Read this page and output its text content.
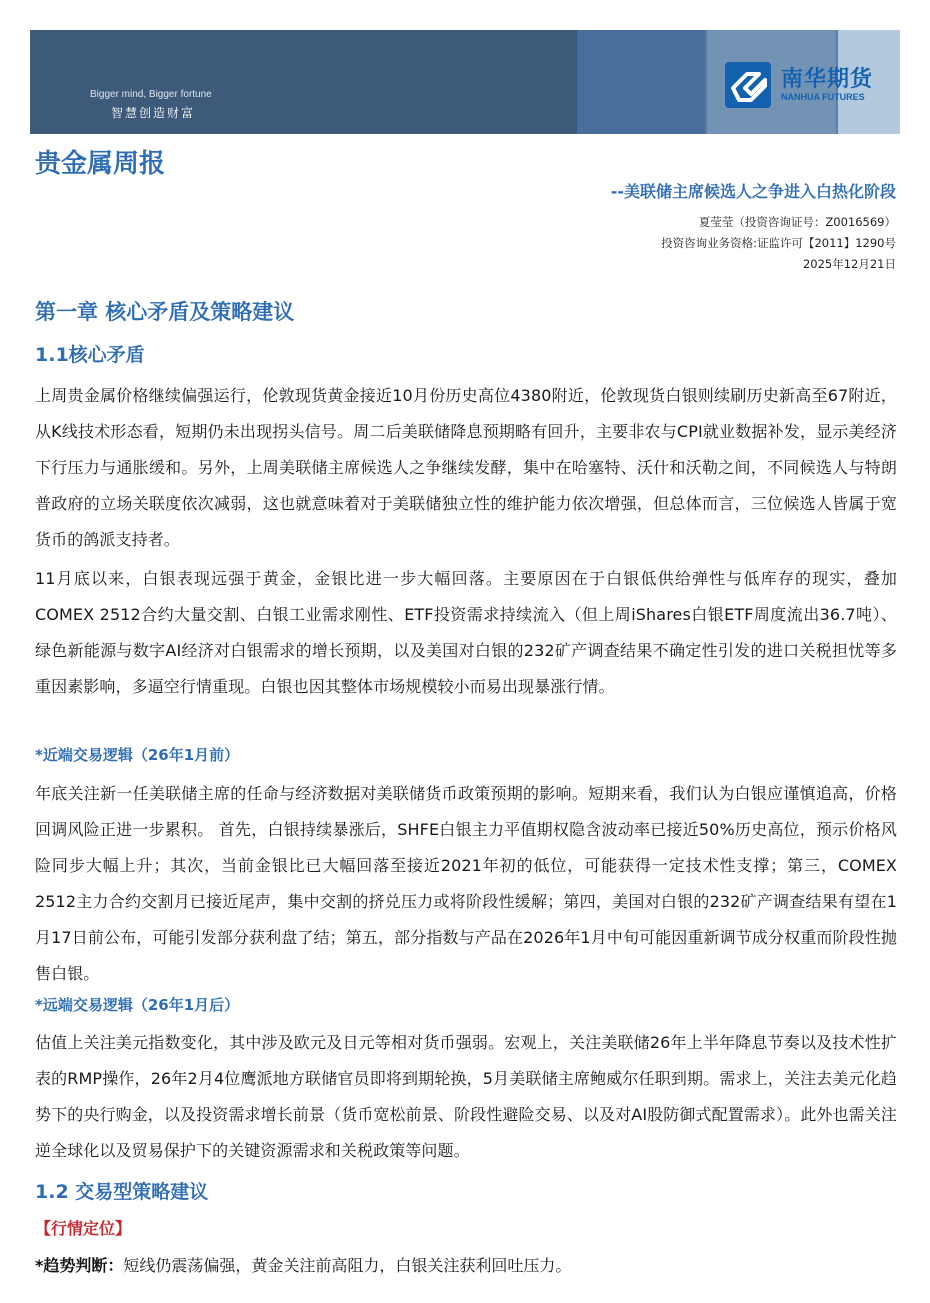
Bigger mind, Bigger fortune
智慧创造财富
南华期货
NANHUA FUTURES
贵金属周报
--美联储主席候选人之争进入白热化阶段
夏莹莹（投资咨询证号：Z0016569）
投资咨询业务资格:证监许可【2011】1290号
2025年12月21日
第一章 核心矛盾及策略建议
1.1核心矛盾
上周贵金属价格继续偏强运行，伦敦现货黄金接近10月份历史高位4380附近，伦敦现货白银则续刷历史新高至67附近，从K线技术形态看，短期仍未出现拐头信号。周二后美联储降息预期略有回升，主要非农与CPI就业数据补发，显示美经济下行压力与通胀缓和。另外，上周美联储主席候选人之争继续发酵，集中在哈塞特、沃什和沃勒之间，不同候选人与特朗普政府的立场关联度依次减弱，这也就意味着对于美联储独立性的维护能力依次增强，但总体而言，三位候选人皆属于宽货币的鸽派支持者。
11月底以来，白银表现远强于黄金，金银比进一步大幅回落。主要原因在于白银低供给弹性与低库存的现实，叠加COMEX 2512合约大量交割、白银工业需求刚性、ETF投资需求持续流入（但上周iShares白银ETF周度流出36.7吨）、绿色新能源与数字AI经济对白银需求的增长预期，以及美国对白银的232矿产调查结果不确定性引发的进口关税担忧等多重因素影响，多逼空行情重现。白银也因其整体市场规模较小而易出现暴涨行情。
*近端交易逻辑（26年1月前）
年底关注新一任美联储主席的任命与经济数据对美联储货币政策预期的影响。短期来看，我们认为白银应谨慎追高，价格回调风险正进一步累积。 首先，白银持续暴涨后，SHFE白银主力平值期权隐含波动率已接近50%历史高位，预示价格风险同步大幅上升；其次，当前金银比已大幅回落至接近2021年初的低位，可能获得一定技术性支撑；第三，COMEX 2512主力合约交割月已接近尾声，集中交割的挤兑压力或将阶段性缓解；第四，美国对白银的232矿产调查结果有望在1月17日前公布，可能引发部分获利盘了结；第五，部分指数与产品在2026年1月中旬可能因重新调节成分权重而阶段性抛售白银。
*远端交易逻辑（26年1月后）
估值上关注美元指数变化，其中涉及欧元及日元等相对货币强弱。宏观上，关注美联储26年上半年降息节奏以及技术性扩表的RMP操作，26年2月4位鹰派地方联储官员即将到期轮换，5月美联储主席鲍威尔任职到期。需求上，关注去美元化趋势下的央行购金，以及投资需求增长前景（货币宽松前景、阶段性避险交易、以及对AI股防御式配置需求）。此外也需关注逆全球化以及贸易保护下的关键资源需求和关税政策等问题。
1.2 交易型策略建议
【行情定位】
*趋势判断：短线仍震荡偏强，黄金关注前高阻力，白银关注获利回吐压力。
